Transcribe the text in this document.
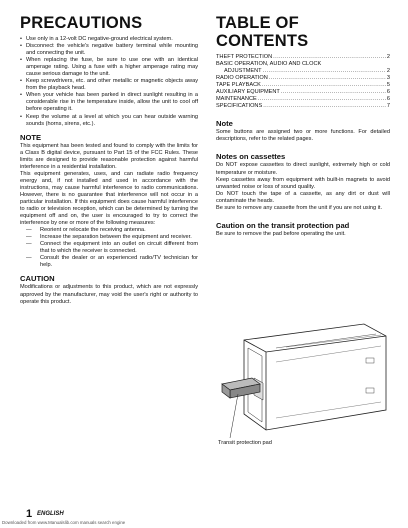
PRECAUTIONS
• Use only in a 12-volt DC negative-ground electrical system.
• Disconnect the vehicle's negative battery terminal while mounting and connecting the unit.
• When replacing the fuse, be sure to use one with an identical amperage rating. Using a fuse with a higher amperage rating may cause serious damage to the unit.
• Keep screwdrivers, etc. and other metallic or magnetic objects away from the playback head.
• When your vehicle has been parked in direct sunlight resulting in a considerable rise in the temperature inside, allow the unit to cool off before operating it.
• Keep the volume at a level at which you can hear outside warning sounds (horns, sirens, etc.).
NOTE

This equipment has been tested and found to comply with the limits for a Class B digital device, pursuant to Part 15 of the FCC Rules. These limits are designed to provide reasonable protection against harmful interference in a residential installation.

This equipment generates, uses, and can radiate radio frequency energy and, if not installed and used in accordance with the instructions, may cause harmful interference to radio communications. However, there is no guarantee that interference will not occur in a particular installation. If this equipment does cause harmful interference to radio or television reception, which can be determined by turning the equipment off and on, the user is encouraged to try to correct the interference by one or more of the following measures:

— Reorient or relocate the receiving antenna.
— Increase the separation between the equipment and receiver.
— Connect the equipment into an outlet on circuit different from that to which the receiver is connected.
— Consult the dealer or an experienced radio/TV technician for help.
CAUTION

Modifications or adjustments to this product, which are not expressly approved by the manufacturer, may void the user's right or authority to operate this product.

TABLE OF CONTENTS
THEFT PROTECTION .....	2
BASIC OPERATION, AUDIO AND CLOCK
ADJUSTMENT .....	2
RADIO OPERATION .....	3
TAPE PLAYBACK .....	5
AUXILIARY EQUIPMENT .....	6
MAINTENANCE .....	6
SPECIFICATIONS .....	7
Note

Some buttons are assigned two or more functions. For detailed descriptions, refer to the related pages.

Notes on cassettes

Do NOT expose cassettes to direct sunlight, extremely high or cold temperature or moisture.

Keep cassettes away from equipment with built-in magnets to avoid unwanted noise or loss of sound quality.

Do NOT touch the tape of a cassette, as any dirt or dust will contaminate the heads.

Be sure to remove any cassette from the unit if you are not using it.

Caution on the transit protection pad

Be sure to remove the pad before operating the unit.

Transit protection pad
1 ENGLISH
Downloaded from www.Manualslib.com manuals search engine
